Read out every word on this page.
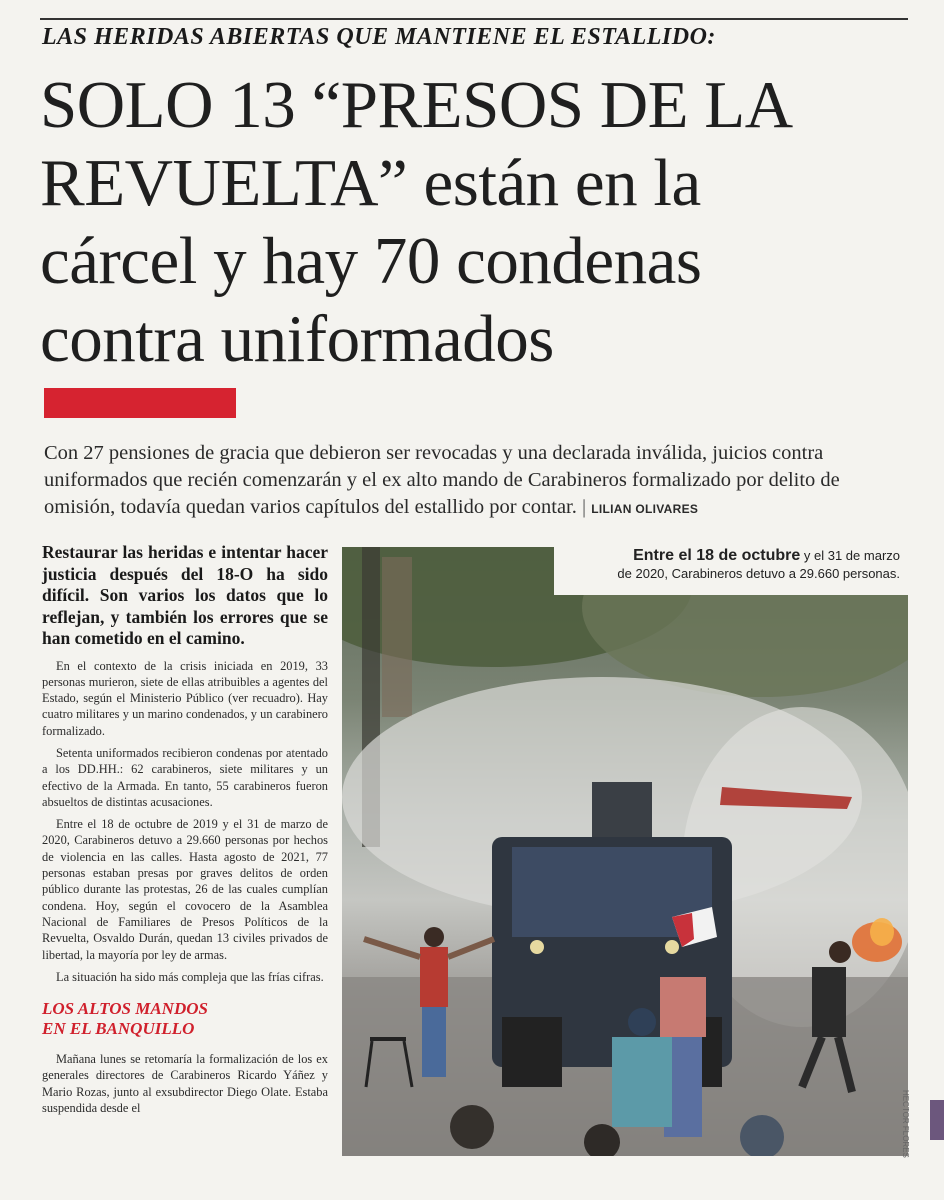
LAS HERIDAS ABIERTAS QUE MANTIENE EL ESTALLIDO:
SOLO 13 “PRESOS DE LA
REVUELTA” están en la
cárcel y hay 70 condenas
contra uniformados
Con 27 pensiones de gracia que debieron ser revocadas y una declarada inválida, juicios contra uniformados que recién comenzarán y el ex alto mando de Carabineros formalizado por delito de omisión, todavía quedan varios capítulos del estallido por contar. | LILIAN OLIVARES

Restaurar las heridas e intentar hacer justicia después del 18-O ha sido difícil. Son varios los datos que lo reflejan, y también los errores que se han cometido en el camino.

En el contexto de la crisis iniciada en 2019, 33 personas murieron, siete de ellas atribuibles a agentes del Estado, según el Ministerio Público (ver recuadro). Hay cuatro militares y un marino condenados, y un carabinero formalizado.

Setenta uniformados recibieron condenas por atentado a los DD.HH.: 62 carabineros, siete militares y un efectivo de la Armada. En tanto, 55 carabineros fueron absueltos de distintas acusaciones.

Entre el 18 de octubre de 2019 y el 31 de marzo de 2020, Carabineros detuvo a 29.660 personas por hechos de violencia en las calles. Hasta agosto de 2021, 77 personas estaban presas por graves delitos de orden público durante las protestas, 26 de las cuales cumplían condena. Hoy, según el covocero de la Asamblea Nacional de Familiares de Presos Políticos de la Revuelta, Osvaldo Durán, quedan 13 civiles privados de libertad, la mayoría por ley de armas.

La situación ha sido más compleja que las frías cifras.

LOS ALTOS MANDOS
EN EL BANQUILLO

Mañana lunes se retomaría la formalización de los ex generales directores de Carabineros Ricardo Yáñez y Mario Rozas, junto al exsubdirector Diego Olate. Estaba suspendida desde el

Entre el 18 de octubre y el 31 de marzo
de 2020, Carabineros detuvo a 29.660 personas.
HECTOR FLORES
